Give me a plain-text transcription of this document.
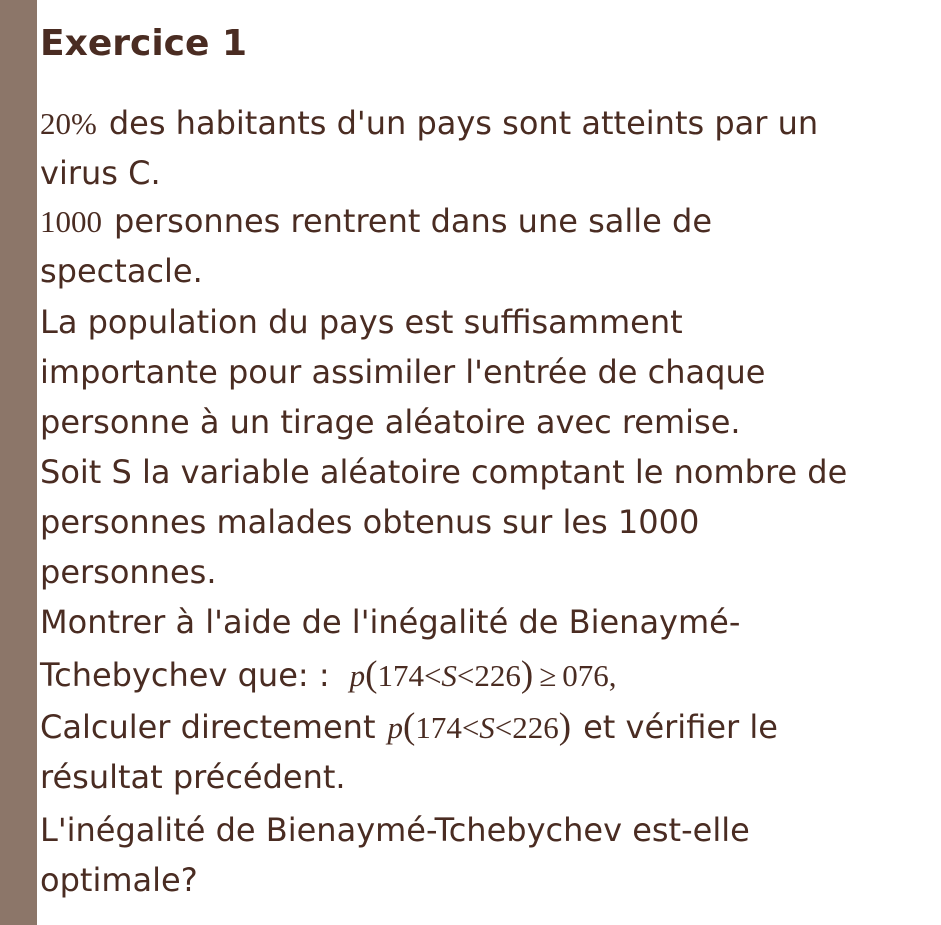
Exercice 1
20% des habitants d'un pays sont atteints par un
virus C.
1000 personnes rentrent dans une salle de
spectacle.
La population du pays est suffisamment
importante pour assimiler l'entrée de chaque
personne à un tirage aléatoire avec remise.
Soit S la variable aléatoire comptant le nombre de
personnes malades obtenus sur les 1000
personnes.
Montrer à l'aide de l'inégalité de Bienaymé-
Tchebychev que: : p(174<S<226) ≥ 076,
Calculer directement p(174<S<226) et vérifier le
résultat précédent.
L'inégalité de Bienaymé-Tchebychev est-elle
optimale?
